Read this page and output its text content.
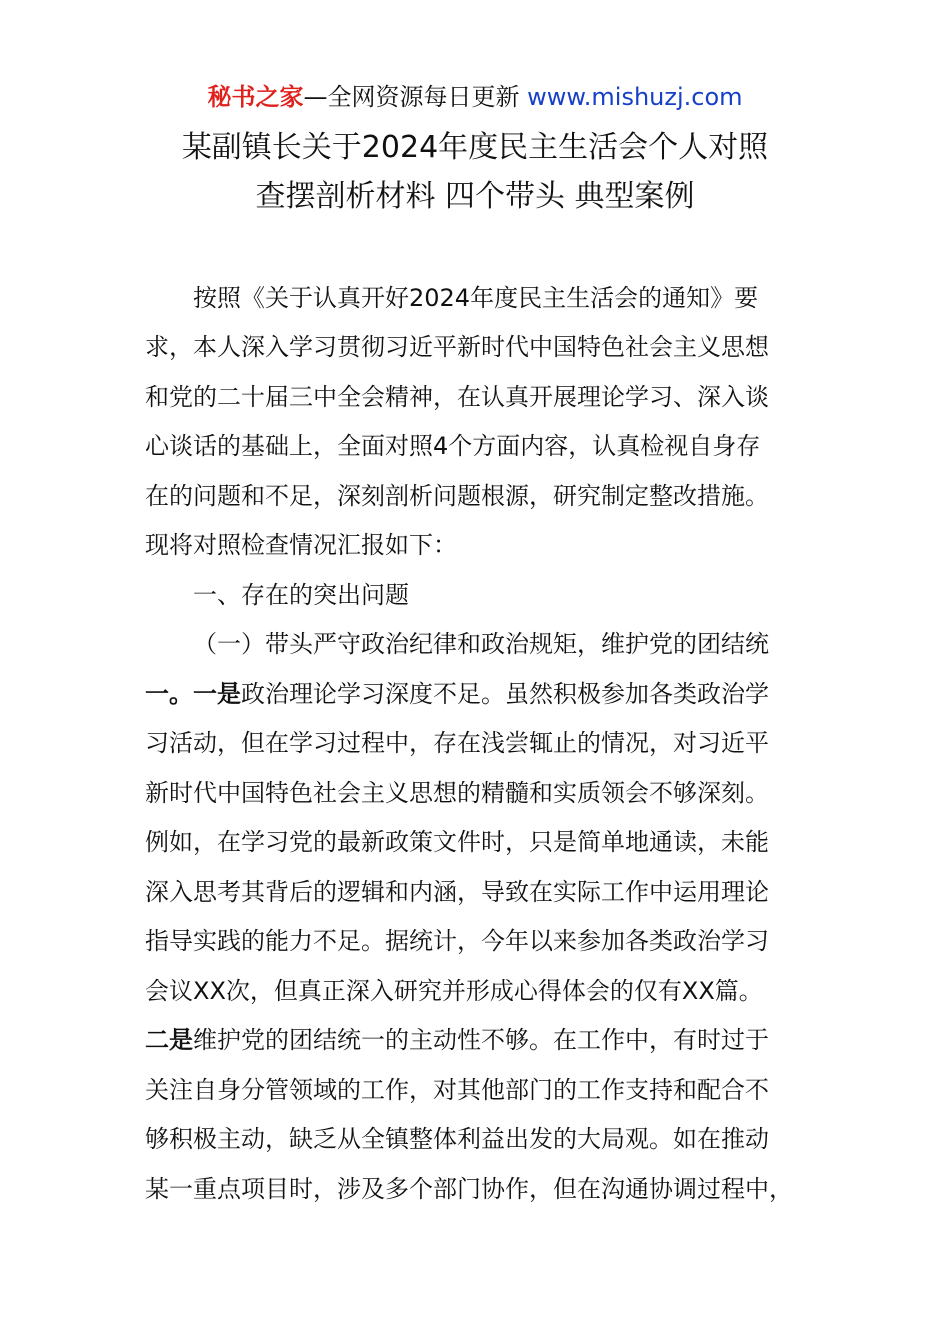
秘书之家—全网资源每日更新 www.mishuzj.com
某副镇长关于2024年度民主生活会个人对照
查摆剖析材料 四个带头 典型案例
按照《关于认真开好2024年度民主生活会的通知》要
求，本人深入学习贯彻习近平新时代中国特色社会主义思想
和党的二十届三中全会精神，在认真开展理论学习、深入谈
心谈话的基础上，全面对照4个方面内容，认真检视自身存
在的问题和不足，深刻剖析问题根源，研究制定整改措施。
现将对照检查情况汇报如下：
一、存在的突出问题
（一）带头严守政治纪律和政治规矩，维护党的团结统
一。一是政治理论学习深度不足。虽然积极参加各类政治学
习活动，但在学习过程中，存在浅尝辄止的情况，对习近平
新时代中国特色社会主义思想的精髓和实质领会不够深刻。
例如，在学习党的最新政策文件时，只是简单地通读，未能
深入思考其背后的逻辑和内涵，导致在实际工作中运用理论
指导实践的能力不足。据统计，今年以来参加各类政治学习
会议XX次，但真正深入研究并形成心得体会的仅有XX篇。
二是维护党的团结统一的主动性不够。在工作中，有时过于
关注自身分管领域的工作，对其他部门的工作支持和配合不
够积极主动，缺乏从全镇整体利益出发的大局观。如在推动
某一重点项目时，涉及多个部门协作，但在沟通协调过程中，
